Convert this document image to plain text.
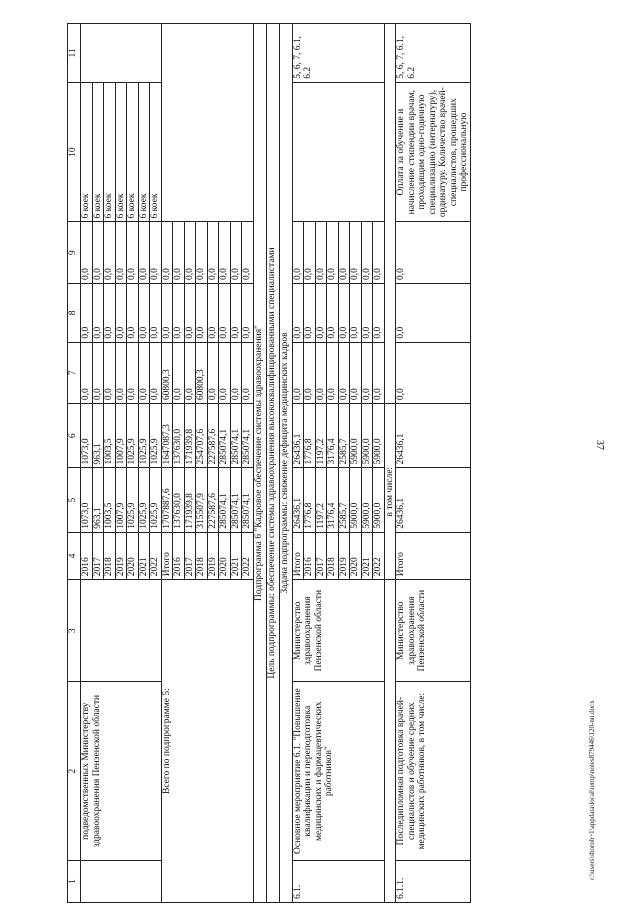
37
c:\users\shorob~1\appdata\local\temp\notes879446\120-nn.docx
1	2	3	4	5	6	7	8	9	10	11
	подведомственных Министерству здравоохранения Пензенской области		2016	1073,0	1073,0	0,0	0,0	0,0	6 коек	
			2017	963,1	963,1	0,0	0,0	0,0	6 коек	
			2018	1003,5	1003,5	0,0	0,0	0,0	6 коек	
			2019	1007,9	1007,9	0,0	0,0	0,0	6 коек	
			2020	1025,9	1025,9	0,0	0,0	0,0	6 коек	
			2021	1025,9	1025,9	0,0	0,0	0,0	6 коек	
			2022	1025,9	1025,9	0,0	0,0	0,0	6 коек	
Всего по подпрограмме 5:			Итого	1707887,6	1647087,3	60800,3	0,0	0,0		
			2016	137630,0	137630,0	0,0	0,0	0,0		
			2017	171939,8	171939,8	0,0	0,0	0,0		
			2018	315507,9	254707,6	60800,3	0,0	0,0		
			2019	227587,6	227587,6	0,0	0,0	0,0		
			2020	285074,1	285074,1	0,0	0,0	0,0		
			2021	285074,1	285074,1	0,0	0,0	0,0		
			2022	285074,1	285074,1	0,0	0,0	0,0		
Подпрограмма 6 "Кадровое обеспечение системы здравоохранения"										
Цель подпрограммы: обеспечение системы здравоохранения высококвалифицированными специалистами										
Задача подпрограммы: снижение дефицита медицинских кадров										
6.1.	Основное мероприятие 6.1. "Повышение квалификации и переподготовка медицинских и фармацевтических работников"	Министерство здравоохранения Пензенской области	Итого	26436,1	26436,1	0,0	0,0	0,0		5, 6, 7, 6.1, 6.2
			2016	1776,8	1776,8	0,0	0,0	0,0		
			2017	1197,2	1197,2	0,0	0,0	0,0		
			2018	3176,4	3176,4	0,0	0,0	0,0		
			2019	2585,7	2585,7	0,0	0,0	0,0		
			2020	5900,0	5900,0	0,0	0,0	0,0		
			2021	5900,0	5900,0	0,0	0,0	0,0		
			2022	5900,0	5900,0	0,0	0,0	0,0		
			в том числе:							
6.1.1.	Последипломная подготовка врачей-специалистов и обучение средних медицинских работников, в том числе:	Министерство здравоохранения Пензенской области	Итого	26436,1	26436,1	0,0	0,0	0,0	Оплата за обучение и начисление стипендии врачам, проходящим одно-годичную специализацию (интернатуру), ординатуру. Количество врачей-специалистов, прошедших профессиональную	5, 6, 7, 6.1, 6.2
